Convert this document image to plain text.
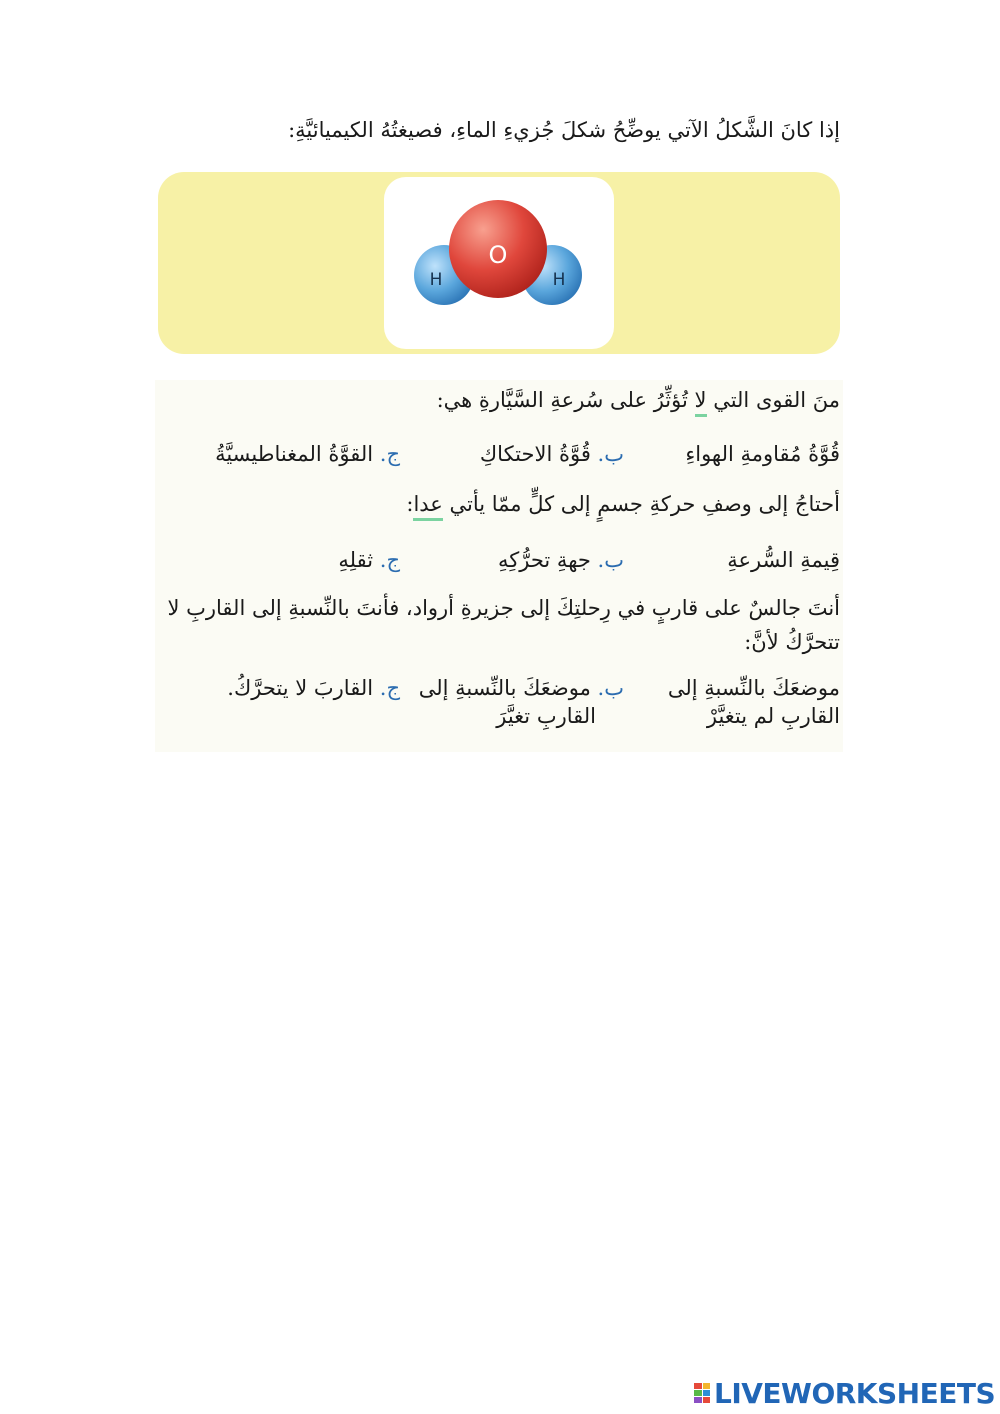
إذا كانَ الشَّكلُ الآتي يوضِّحُ شكلَ جُزيءِ الماءِ، فصيغتُهُ الكيميائيَّةِ:
O
H	H
منَ القوى التي لا تُؤثِّرُ على سُرعةِ السَّيَّارةِ هي:
قُوَّةُ مُقاومةِ الهواءِ
ب. قُوَّةُ الاحتكاكِ
ج. القوَّةُ المغناطيسيَّةُ
أحتاجُ إلى وصفِ حركةِ جسمٍ إلى كلٍّ ممّا يأتي عدا:
قِيمةِ السُّرعةِ
ب. جهةِ تحرُّكِهِ
ج. ثقلِهِ
أنتَ جالسٌ على قاربٍ في رِحلتِكَ إلى جزيرةِ أرواد، فأنتَ بالنِّسبةِ إلى القاربِ لا
تتحرَّكُ لأنَّ:
موضعَكَ بالنِّسبةِ إلى
القاربِ لم يتغيَّرْ
ب. موضعَكَ بالنِّسبةِ إلى
القاربِ تغيَّرَ
ج. القاربَ لا يتحرَّكُ.
LIVEWORKSHEETS
